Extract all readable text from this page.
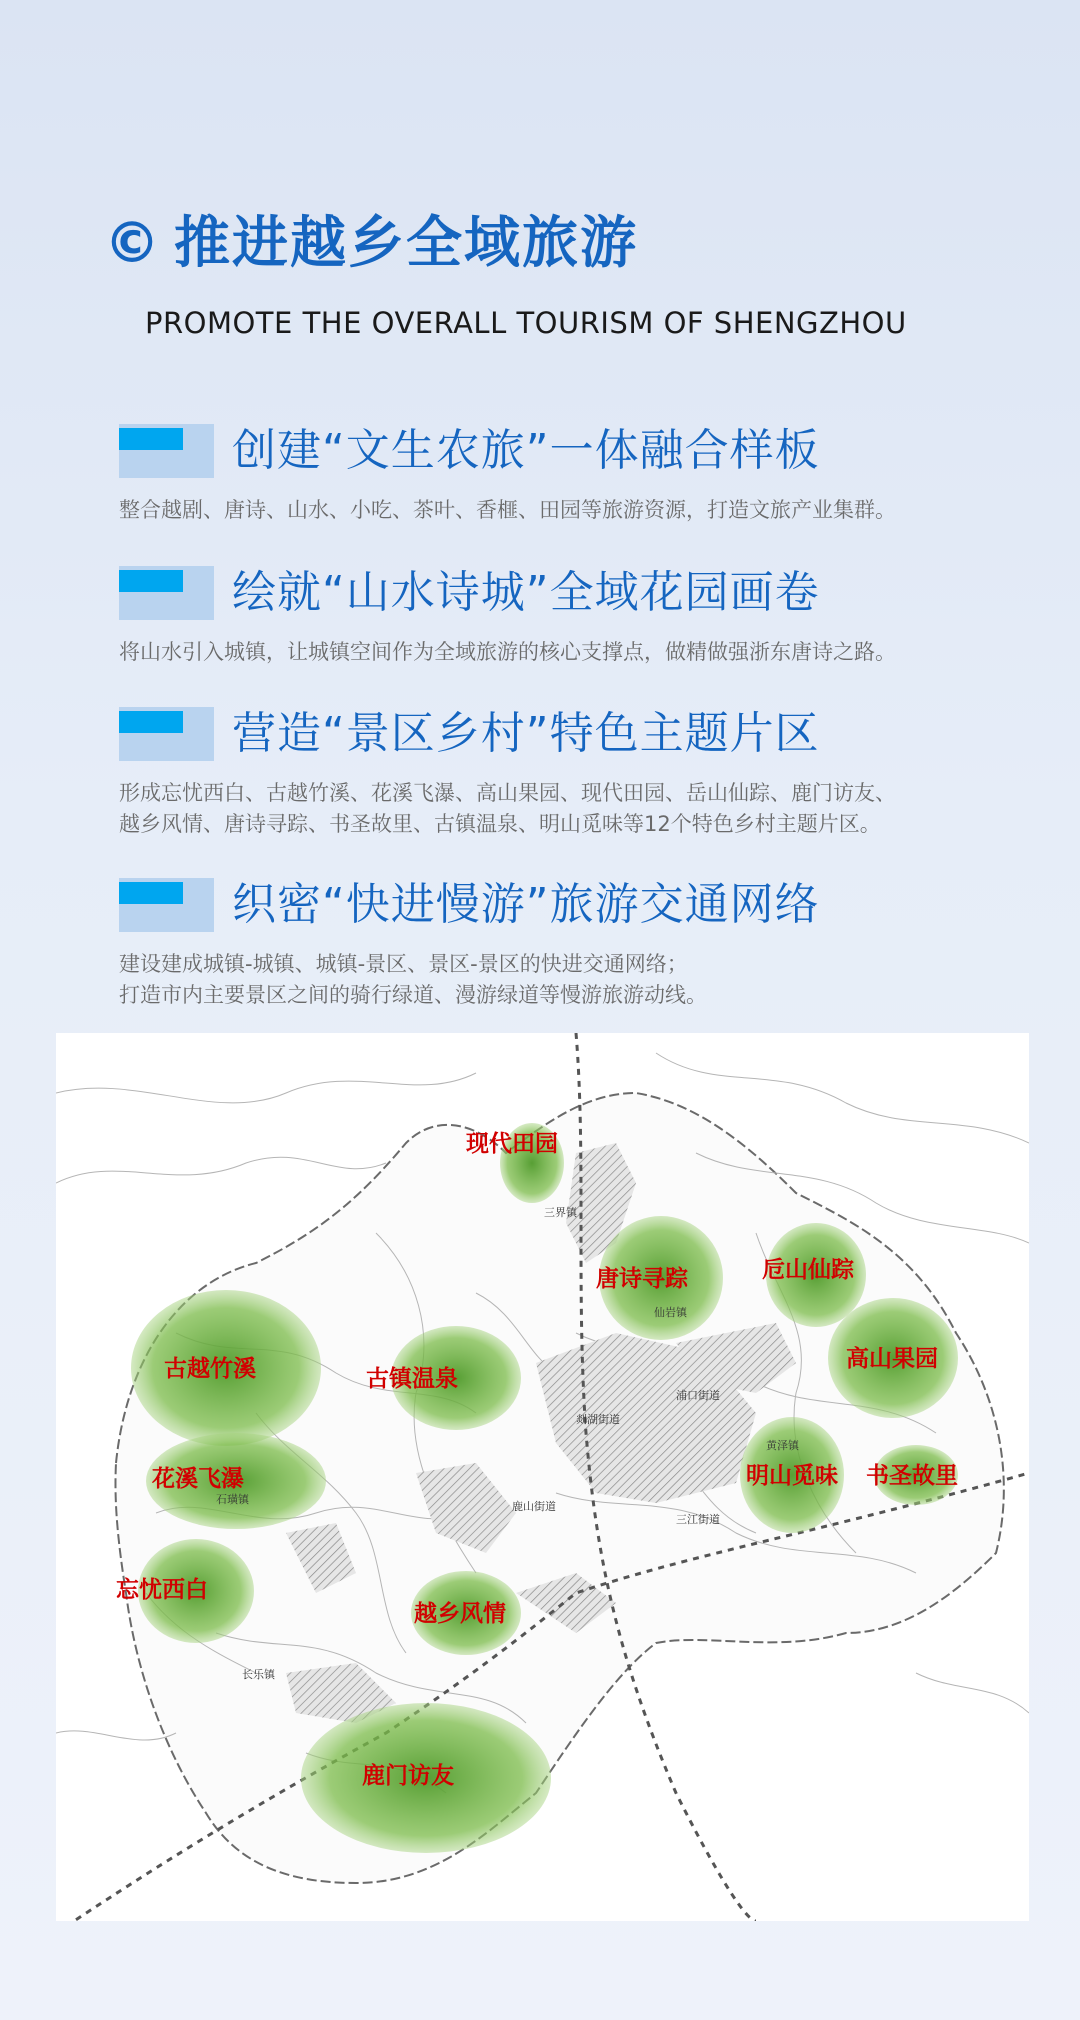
© 推进越乡全域旅游
PROMOTE THE OVERALL TOURISM OF SHENGZHOU
创建“文生农旅”一体融合样板
整合越剧、唐诗、山水、小吃、茶叶、香榧、田园等旅游资源，打造文旅产业集群。
绘就“山水诗城”全域花园画卷
将山水引入城镇，让城镇空间作为全域旅游的核心支撑点，做精做强浙东唐诗之路。
营造“景区乡村”特色主题片区
形成忘忧西白、古越竹溪、花溪飞瀑、高山果园、现代田园、岳山仙踪、鹿门访友、
越乡风情、唐诗寻踪、书圣故里、古镇温泉、明山觅味等12个特色乡村主题片区。
织密“快进慢游”旅游交通网络
建设建成城镇-城镇、城镇-景区、景区-景区的快进交通网络；
打造市内主要景区之间的骑行绿道、漫游绿道等慢游旅游动线。
三界镇
仙岩镇
浦口街道
剡湖街道
鹿山街道
三江街道
石璜镇
长乐镇
黄泽镇
现代田园
唐诗寻踪	卮山仙踪
古越竹溪	古镇温泉
高山果园
花溪飞瀑	明山觅味 书圣故里
忘忧西白
越乡风情
鹿门访友
